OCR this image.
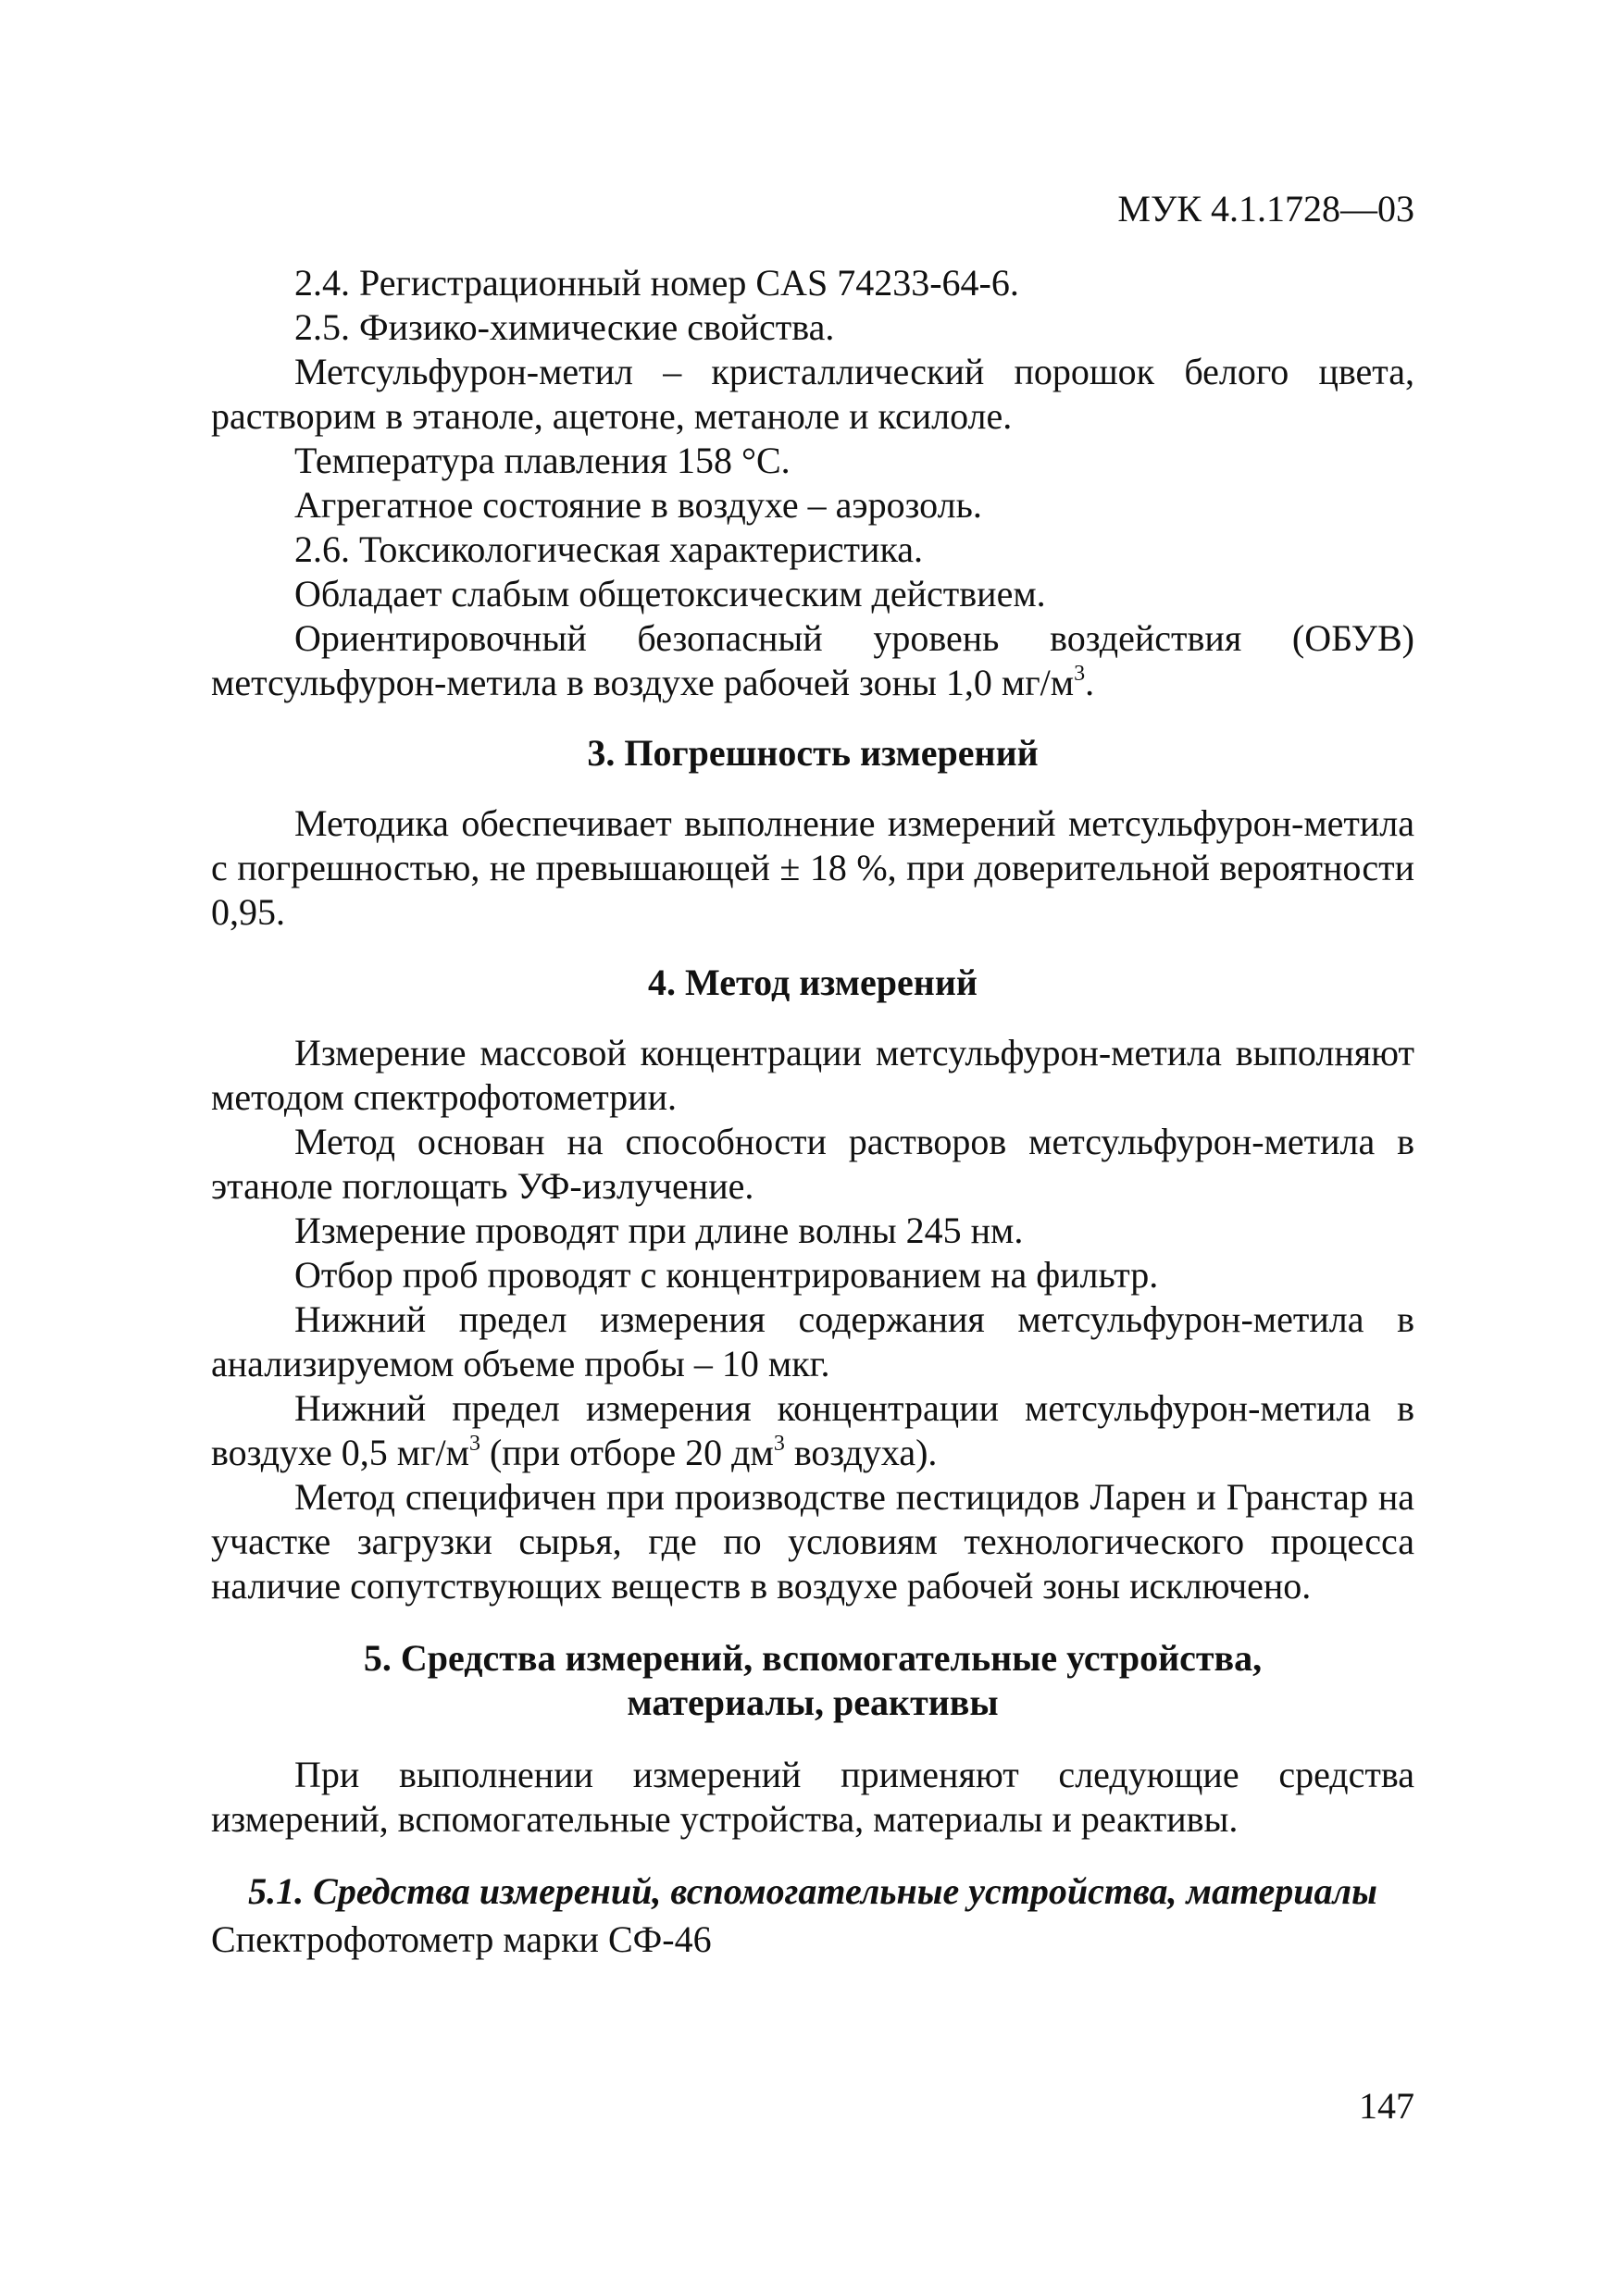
МУК 4.1.1728—03

2.4. Регистрационный номер CAS 74233-64-6.

2.5. Физико-химические свойства.

Метсульфурон-метил – кристаллический порошок белого цвета, растворим в этаноле, ацетоне, метаноле и ксилоле.

Температура плавления 158 °С.

Агрегатное состояние в воздухе – аэрозоль.

2.6. Токсикологическая характеристика.

Обладает слабым общетоксическим действием.

Ориентировочный безопасный уровень воздействия (ОБУВ) метсульфурон-метила в воздухе рабочей зоны 1,0 $мг/м^3$.

3. Погрешность измерений

Методика обеспечивает выполнение измерений метсульфурон-метила с погрешностью, не превышающей ± 18 %, при доверительной вероятности 0,95.

4. Метод измерений

Измерение массовой концентрации метсульфурон-метила выполняют методом спектрофотометрии.

Метод основан на способности растворов метсульфурон-метила в этаноле поглощать УФ-излучение.

Измерение проводят при длине волны 245 нм.

Отбор проб проводят с концентрированием на фильтр.

Нижний предел измерения содержания метсульфурон-метила в анализируемом объеме пробы – 10 мкг.

Нижний предел измерения концентрации метсульфурон-метила в воздухе 0,5 $мг/м^3$ (при отборе 20 $дм^3$ воздуха).

Метод специфичен при производстве пестицидов Ларен и Гранстар на участке загрузки сырья, где по условиям технологического процесса наличие сопутствующих веществ в воздухе рабочей зоны исключено.

5. Средства измерений, вспомогательные устройства,
материалы, реактивы

При выполнении измерений применяют следующие средства измерений, вспомогательные устройства, материалы и реактивы.

5.1. Средства измерений, вспомогательные устройства, материалы

Спектрофотометр марки СФ-46

147
